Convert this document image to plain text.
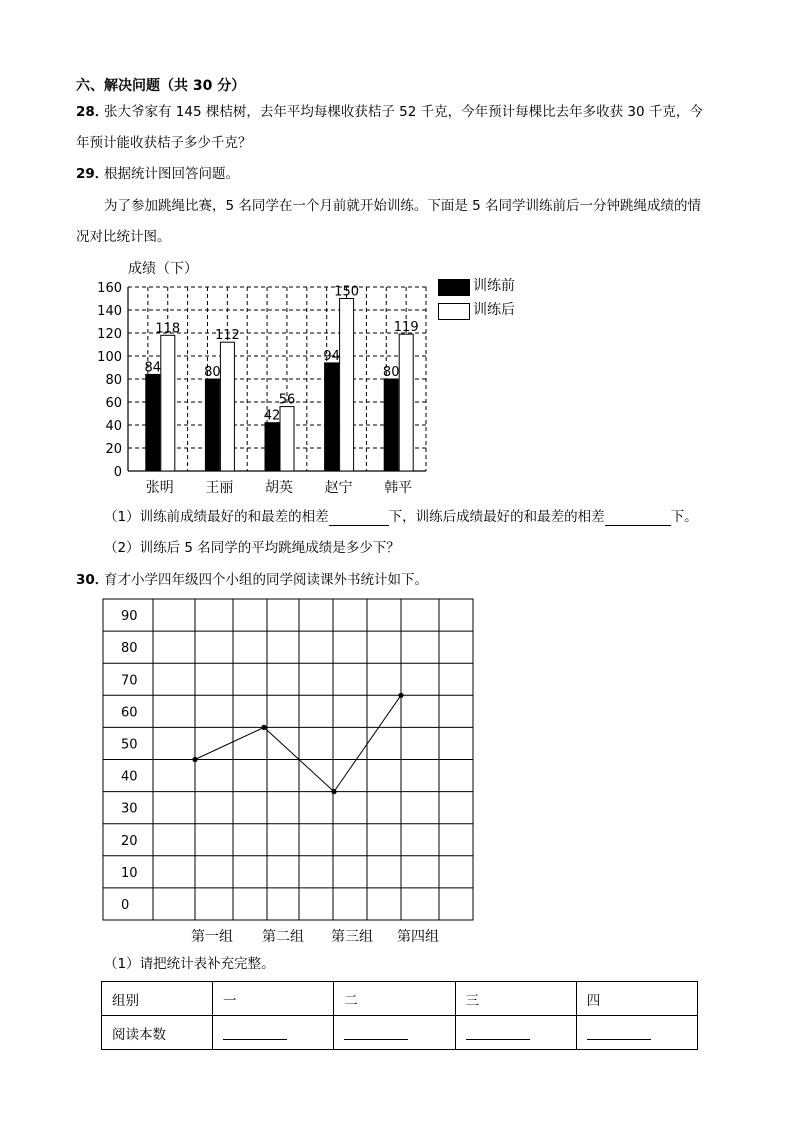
六、解决问题（共 30 分）
28．
张大爷家有 145 棵桔树，去年平均每棵收获桔子 52 千克，今年预计每棵比去年多收获 30 千克，今
年预计能收获桔子多少千克？
29．
根据统计图回答问题。
为了参加跳绳比赛，5 名同学在一个月前就开始训练。下面是 5 名同学训练前后一分钟跳绳成绩的情
况对比统计图。
成绩（下）
0
20
40
60
80
100
120
140
160
84
118
80
112
42
56
94
150
80
119
张明 王丽 胡英 赵宁 韩平
训练前
训练后
（1）训练前成绩最好的和最差的相差	下，训练后成绩最好的和最差的相差	下。
（2）训练后 5 名同学的平均跳绳成绩是多少下？
30．
育才小学四年级四个小组的同学阅读课外书统计如下。
0
10
20
30
40
50
60
70
80
90
第一组 第二组 第三组 第四组
（1）请把统计表补充完整。
组别	一	二	三	四
阅读本数				
